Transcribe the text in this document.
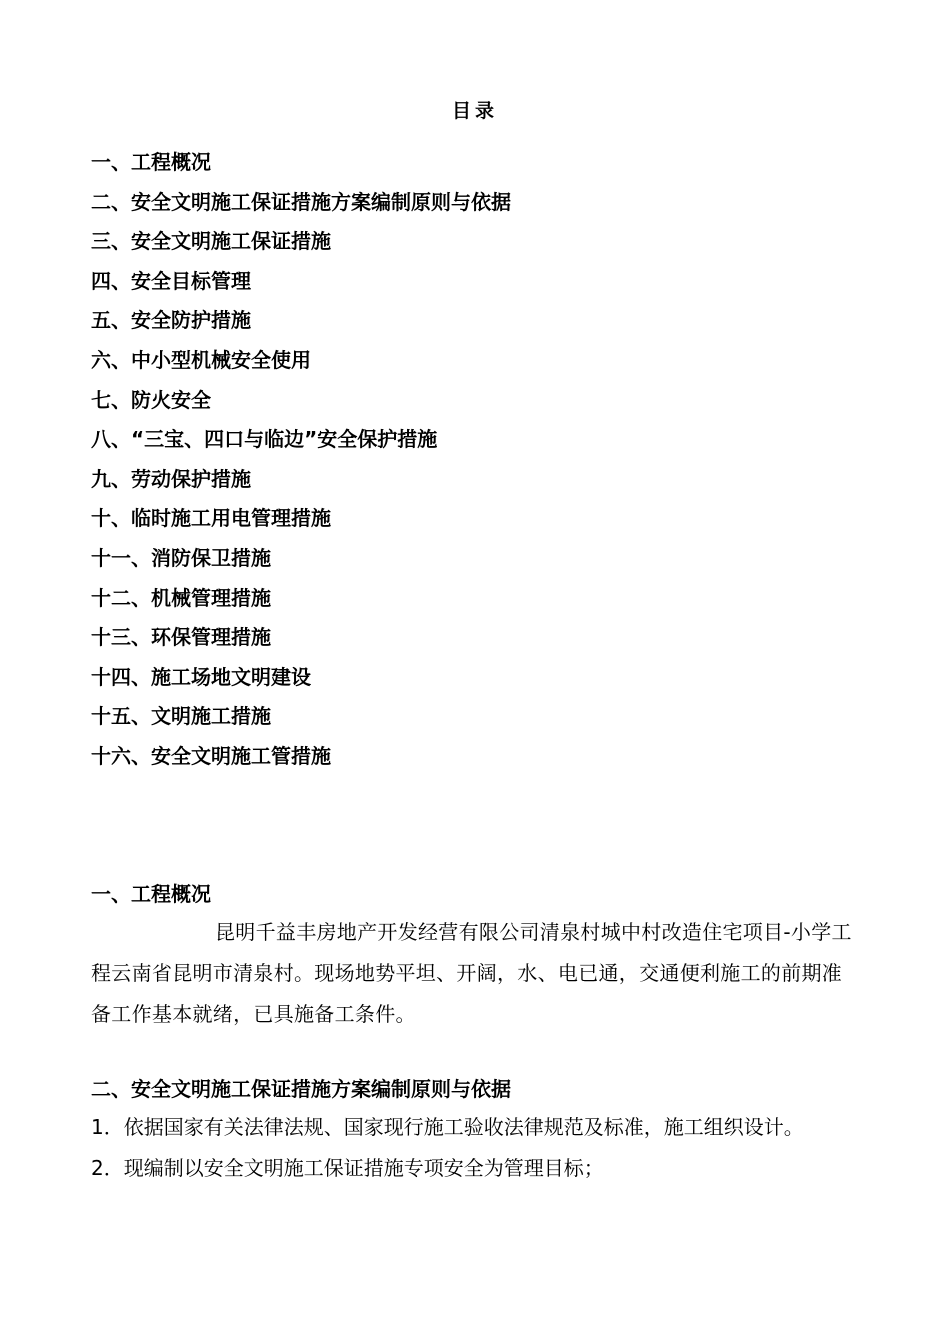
目录
一、工程概况
二、安全文明施工保证措施方案编制原则与依据
三、安全文明施工保证措施
四、安全目标管理
五、安全防护措施
六、中小型机械安全使用
七、防火安全
八、“三宝、四口与临边”安全保护措施
九、劳动保护措施
十、临时施工用电管理措施
十一、消防保卫措施
十二、机械管理措施
十三、环保管理措施
十四、施工场地文明建设
十五、文明施工措施
十六、安全文明施工管措施

一、工程概况

昆明千益丰房地产开发经营有限公司清泉村城中村改造住宅项目-小学工程云南省昆明市清泉村。现场地势平坦、开阔，水、电已通，交通便利施工的前期准备工作基本就绪，已具施备工条件。

二、安全文明施工保证措施方案编制原则与依据

1．依据国家有关法律法规、国家现行施工验收法律规范及标准，施工组织设计。

2．现编制以安全文明施工保证措施专项安全为管理目标；
